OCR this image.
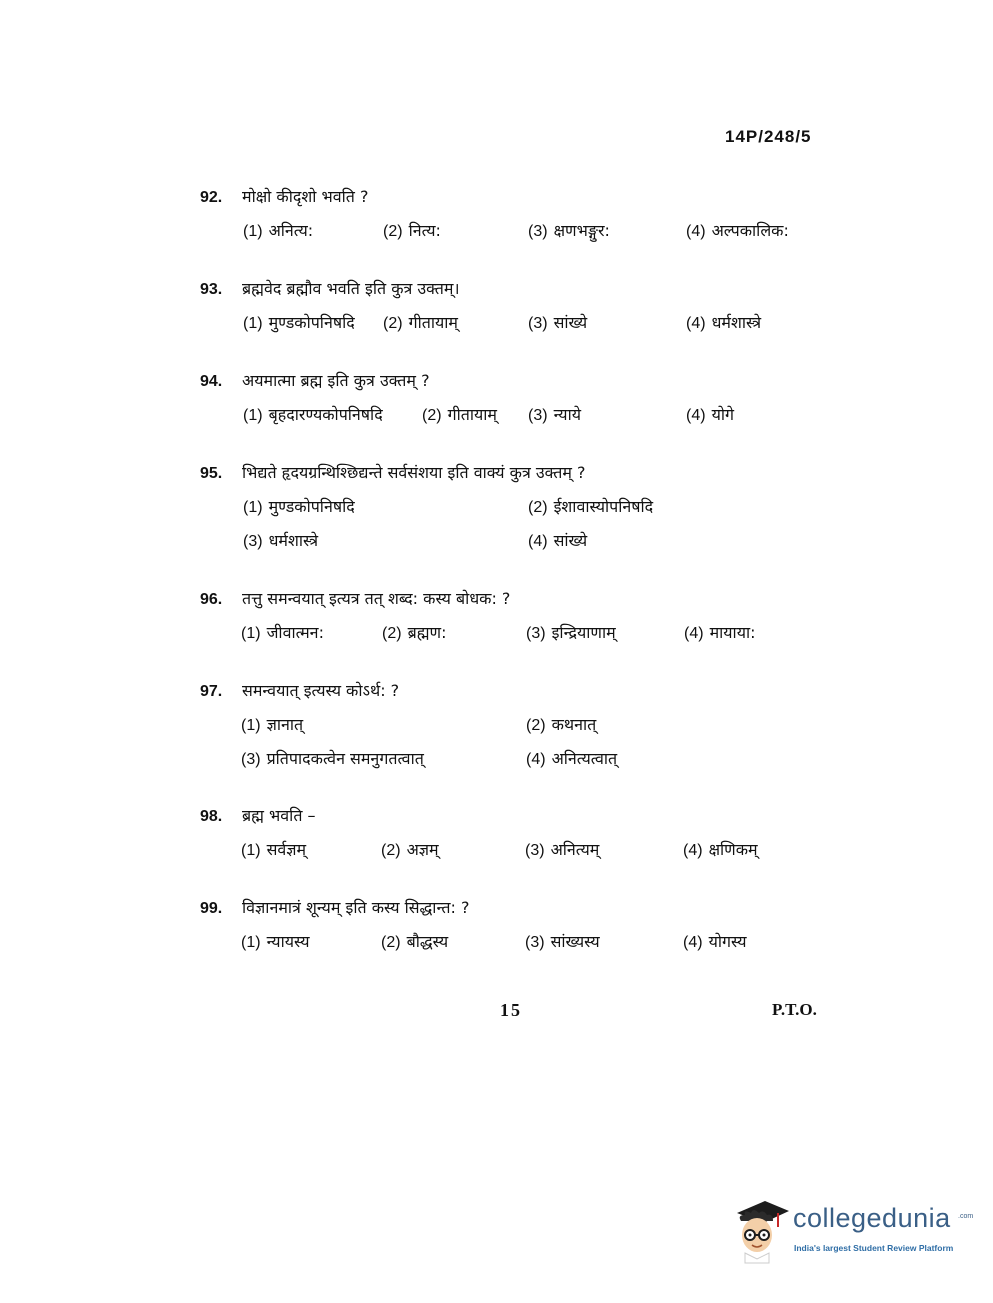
14P/248/5
92. मोक्षो कीदृशो भवति ?
(1) अनित्य:	(2) नित्य:	(3) क्षणभङ्गुर:	(4) अल्पकालिक:
93. ब्रह्मवेद ब्रह्मौव भवति इति कुत्र उक्तम्।
(1) मुण्डकोपनिषदि (2) गीतायाम्	(3) सांख्ये	(4) धर्मशास्त्रे
94. अयमात्मा ब्रह्म इति कुत्र उक्तम् ?
(1) बृहदारण्यकोपनिषदि (2) गीतायाम् (3) न्याये	(4) योगे
95. भिद्यते हृदयग्रन्थिश्छिद्यन्ते सर्वसंशया इति वाक्यं कुत्र उक्तम् ?
(1) मुण्डकोपनिषदि	(2) ईशावास्योपनिषदि
(3) धर्मशास्त्रे	(4) सांख्ये
96. तत्तु समन्वयात् इत्यत्र तत् शब्द: कस्य बोधक: ?
(1) जीवात्मन:	(2) ब्रह्मण:	(3) इन्द्रियाणाम्	(4) मायाया:
97. समन्वयात् इत्यस्य कोऽर्थ: ?
(1) ज्ञानात्	(2) कथनात्
(3) प्रतिपादकत्वेन समनुगतत्वात्	(4) अनित्यत्वात्
98. ब्रह्म भवति –
(1) सर्वज्ञम्	(2) अज्ञम्	(3) अनित्यम्	(4) क्षणिकम्
99. विज्ञानमात्रं शून्यम् इति कस्य सिद्धान्त: ?
(1) न्यायस्य	(2) बौद्धस्य	(3) सांख्यस्य	(4) योगस्य
15	P.T.O.
collegedunia .com
India's largest Student Review Platform
